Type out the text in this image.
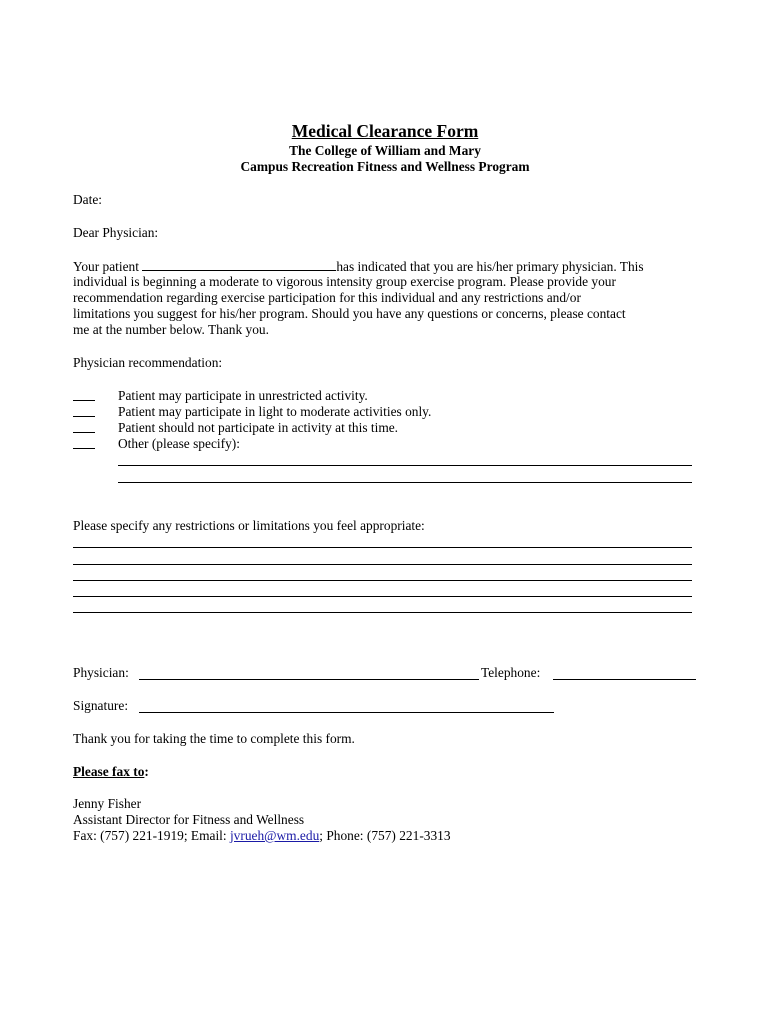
Medical Clearance Form
The College of William and Mary
Campus Recreation Fitness and Wellness Program
Date:
Dear Physician:
Your patient	has indicated that you are his/her primary physician. This
individual is beginning a moderate to vigorous intensity group exercise program. Please provide your
recommendation regarding exercise participation for this individual and any restrictions and/or
limitations you suggest for his/her program. Should you have any questions or concerns, please contact
me at the number below. Thank you.
Physician recommendation:
Patient may participate in unrestricted activity.
Patient may participate in light to moderate activities only.
Patient should not participate in activity at this time.
Other (please specify):
Please specify any restrictions or limitations you feel appropriate:
Physician:	Telephone:
Signature:
Thank you for taking the time to complete this form.
Please fax to:
Jenny Fisher
Assistant Director for Fitness and Wellness
Fax: (757) 221-1919; Email: jvrueh@wm.edu; Phone: (757) 221-3313
